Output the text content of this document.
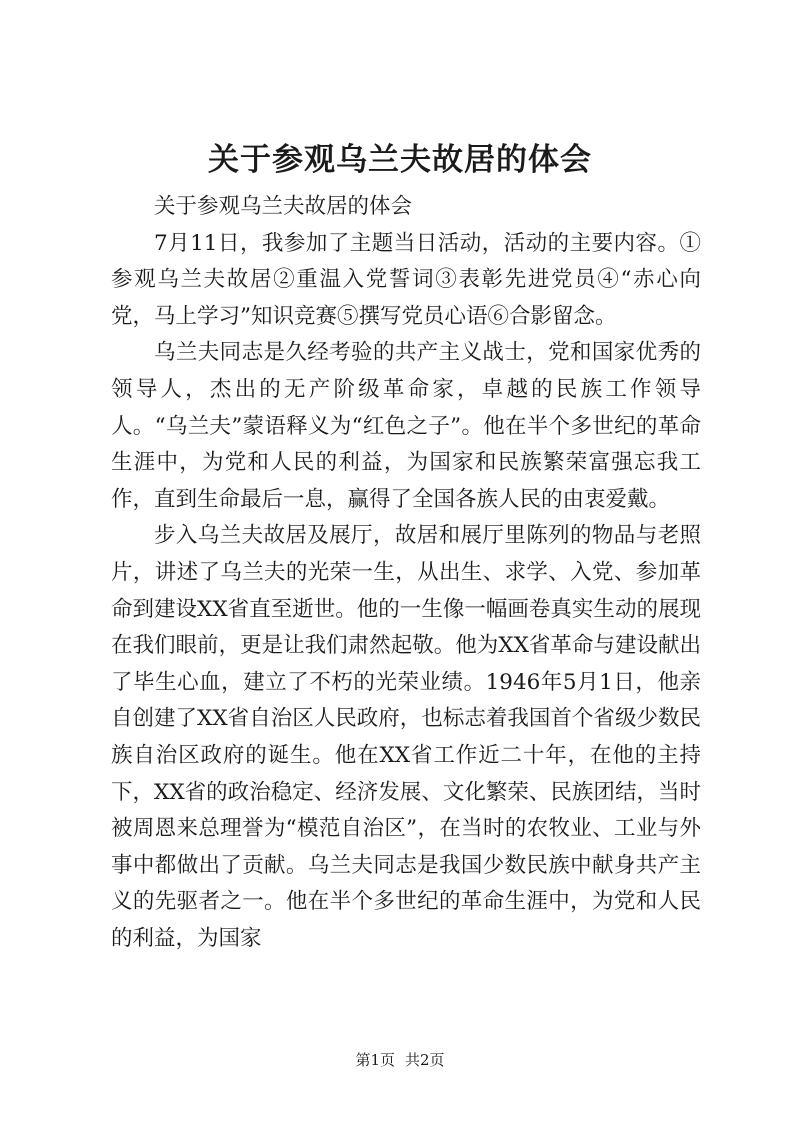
关于参观乌兰夫故居的体会

关于参观乌兰夫故居的体会

7月11日，我参加了主题当日活动，活动的主要内容。①参观乌兰夫故居②重温入党誓词③表彰先进党员④“赤心向党，马上学习”知识竞赛⑤撰写党员心语⑥合影留念。

乌兰夫同志是久经考验的共产主义战士，党和国家优秀的领导人，杰出的无产阶级革命家，卓越的民族工作领导人。“乌兰夫”蒙语释义为“红色之子”。他在半个多世纪的革命生涯中，为党和人民的利益，为国家和民族繁荣富强忘我工作，直到生命最后一息，赢得了全国各族人民的由衷爱戴。

步入乌兰夫故居及展厅，故居和展厅里陈列的物品与老照片，讲述了乌兰夫的光荣一生，从出生、求学、入党、参加革命到建设XX省直至逝世。他的一生像一幅画卷真实生动的展现在我们眼前，更是让我们肃然起敬。他为XX省革命与建设献出了毕生心血，建立了不朽的光荣业绩。1946年5月1日，他亲自创建了XX省自治区人民政府，也标志着我国首个省级少数民族自治区政府的诞生。他在XX省工作近二十年，在他的主持下，XX省的政治稳定、经济发展、文化繁荣、民族团结，当时被周恩来总理誉为“模范自治区”，在当时的农牧业、工业与外事中都做出了贡献。乌兰夫同志是我国少数民族中献身共产主义的先驱者之一。他在半个多世纪的革命生涯中，为党和人民的利益，为国家

第1页 共2页
